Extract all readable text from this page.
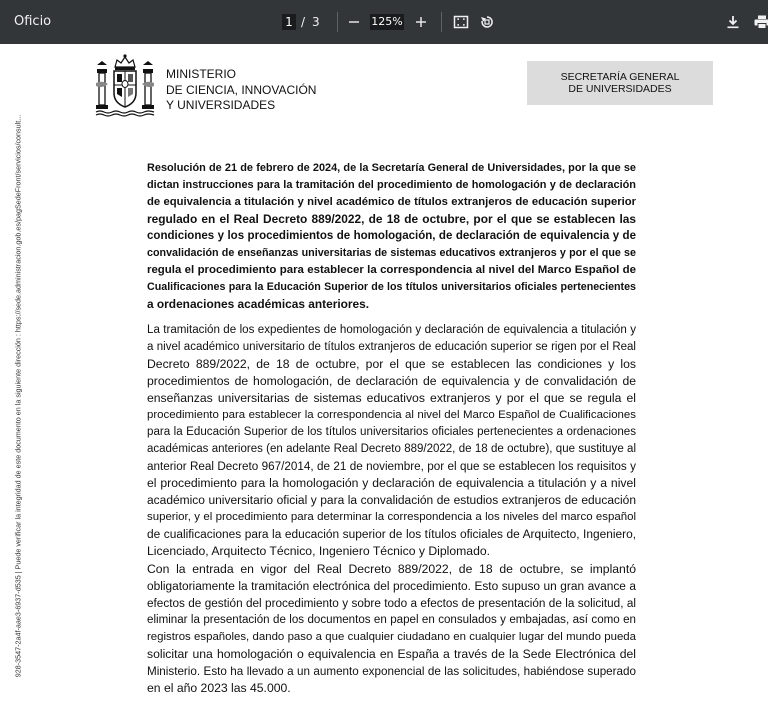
Oficio	1 / 3	125%
928-3547-2a4f-aae3-6937-d535 | Puede verificar la integridad de este documento en la siguiente dirección : https://sede.administracion.gob.es/pagSedeFront/servicios/consult...
MINISTERIO
DE CIENCIA, INNOVACIÓN
Y UNIVERSIDADES
SECRETARÍA GENERAL
DE UNIVERSIDADES
Resolución de 21 de febrero de 2024, de la Secretaría General de Universidades, por la que se
dictan instrucciones para la tramitación del procedimiento de homologación y de declaración
de equivalencia a titulación y nivel académico de títulos extranjeros de educación superior
regulado en el Real Decreto 889/2022, de 18 de octubre, por el que se establecen las
condiciones y los procedimientos de homologación, de declaración de equivalencia y de
convalidación de enseñanzas universitarias de sistemas educativos extranjeros y por el que se
regula el procedimiento para establecer la correspondencia al nivel del Marco Español de
Cualificaciones para la Educación Superior de los títulos universitarios oficiales pertenecientes
a ordenaciones académicas anteriores.
La tramitación de los expedientes de homologación y declaración de equivalencia a titulación y
a nivel académico universitario de títulos extranjeros de educación superior se rigen por el Real
Decreto 889/2022, de 18 de octubre, por el que se establecen las condiciones y los
procedimientos de homologación, de declaración de equivalencia y de convalidación de
enseñanzas universitarias de sistemas educativos extranjeros y por el que se regula el
procedimiento para establecer la correspondencia al nivel del Marco Español de Cualificaciones
para la Educación Superior de los títulos universitarios oficiales pertenecientes a ordenaciones
académicas anteriores (en adelante Real Decreto 889/2022, de 18 de octubre), que sustituye al
anterior Real Decreto 967/2014, de 21 de noviembre, por el que se establecen los requisitos y
el procedimiento para la homologación y declaración de equivalencia a titulación y a nivel
académico universitario oficial y para la convalidación de estudios extranjeros de educación
superior, y el procedimiento para determinar la correspondencia a los niveles del marco español
de cualificaciones para la educación superior de los títulos oficiales de Arquitecto, Ingeniero,
Licenciado, Arquitecto Técnico, Ingeniero Técnico y Diplomado.
Con la entrada en vigor del Real Decreto 889/2022, de 18 de octubre, se implantó
obligatoriamente la tramitación electrónica del procedimiento. Esto supuso un gran avance a
efectos de gestión del procedimiento y sobre todo a efectos de presentación de la solicitud, al
eliminar la presentación de los documentos en papel en consulados y embajadas, así como en
registros españoles, dando paso a que cualquier ciudadano en cualquier lugar del mundo pueda
solicitar una homologación o equivalencia en España a través de la Sede Electrónica del
Ministerio. Esto ha llevado a un aumento exponencial de las solicitudes, habiéndose superado
en el año 2023 las 45.000.
